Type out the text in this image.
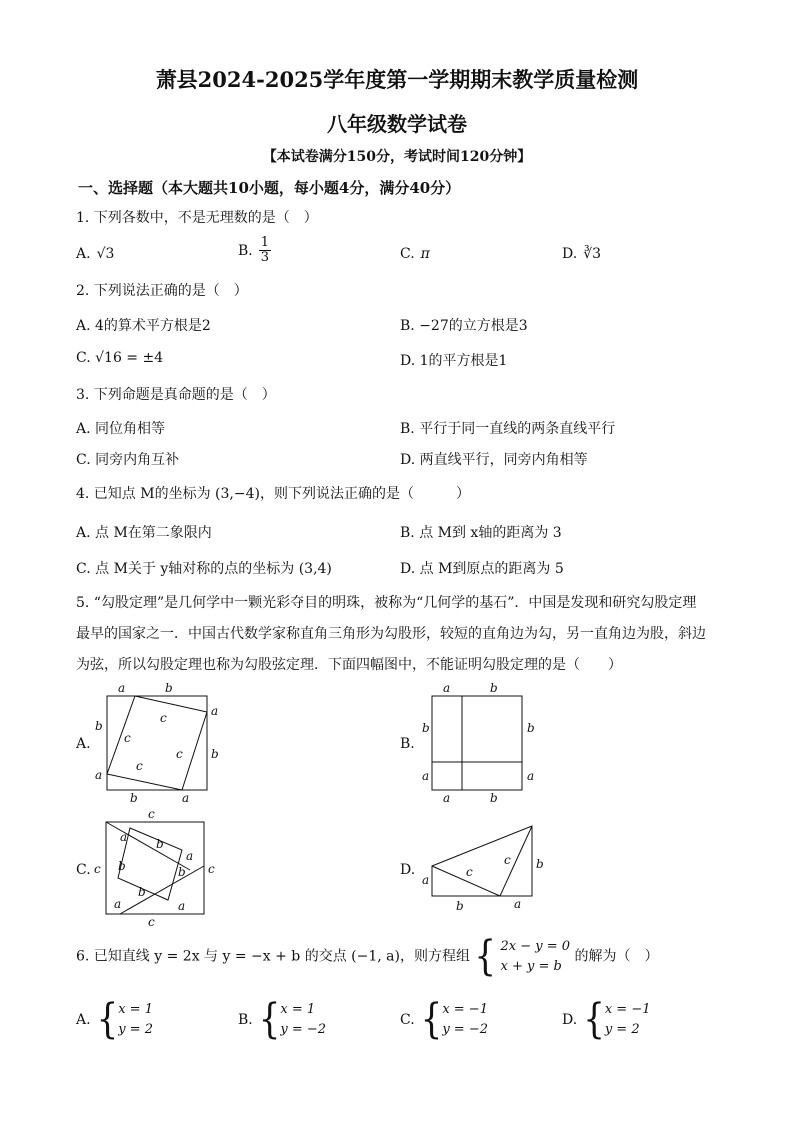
萧县2024-2025学年度第一学期期末教学质量检测
八年级数学试卷
【本试卷满分150分，考试时间120分钟】
一、选择题（本大题共10小题，每小题4分，满分40分）
1. 下列各数中，不是无理数的是（　）
A. √3	B. $\frac{1}{3}$	C. π	D. ∛3
2. 下列说法正确的是（　）
A. 4的算术平方根是2	B. −27的立方根是3
C. √16 = ±4	D. 1的平方根是1
3. 下列命题是真命题的是（　）
A. 同位角相等	B. 平行于同一直线的两条直线平行
C. 同旁内角互补	D. 两直线平行，同旁内角相等
4. 已知点 M的坐标为 (3,−4)，则下列说法正确的是（　　　）
A. 点 M在第二象限内	B. 点 M到 x轴的距离为 3
C. 点 M关于 y轴对称的点的坐标为 (3,4)	D. 点 M到原点的距离为 5
5. “勾股定理”是几何学中一颗光彩夺目的明珠，被称为“几何学的基石”．中国是发现和研究勾股定理
最早的国家之一．中国古代数学家称直角三角形为勾股形，较短的直角边为勾，另一直角边为股，斜边
为弦，所以勾股定理也称为勾股弦定理．下面四幅图中，不能证明勾股定理的是（　　）
A.	B.
C.	D.
a	b
b
a
a
b
b	a
c
c
c
c
a	b
b
a
b
a
a	b
c
a b
c b
a
b c
a
b
a
c
a
c
c b
b	a
6. 已知直线 y = 2x 与 y = −x + b 的交点 (−1, a)，则方程组 { 2x − y = 0
x + y = b
的解为（　）
A. { x = 1
y = 2
B. { x = 1
y = −2
C. { x = −1
y = −2
D. { x = −1
y = 2
